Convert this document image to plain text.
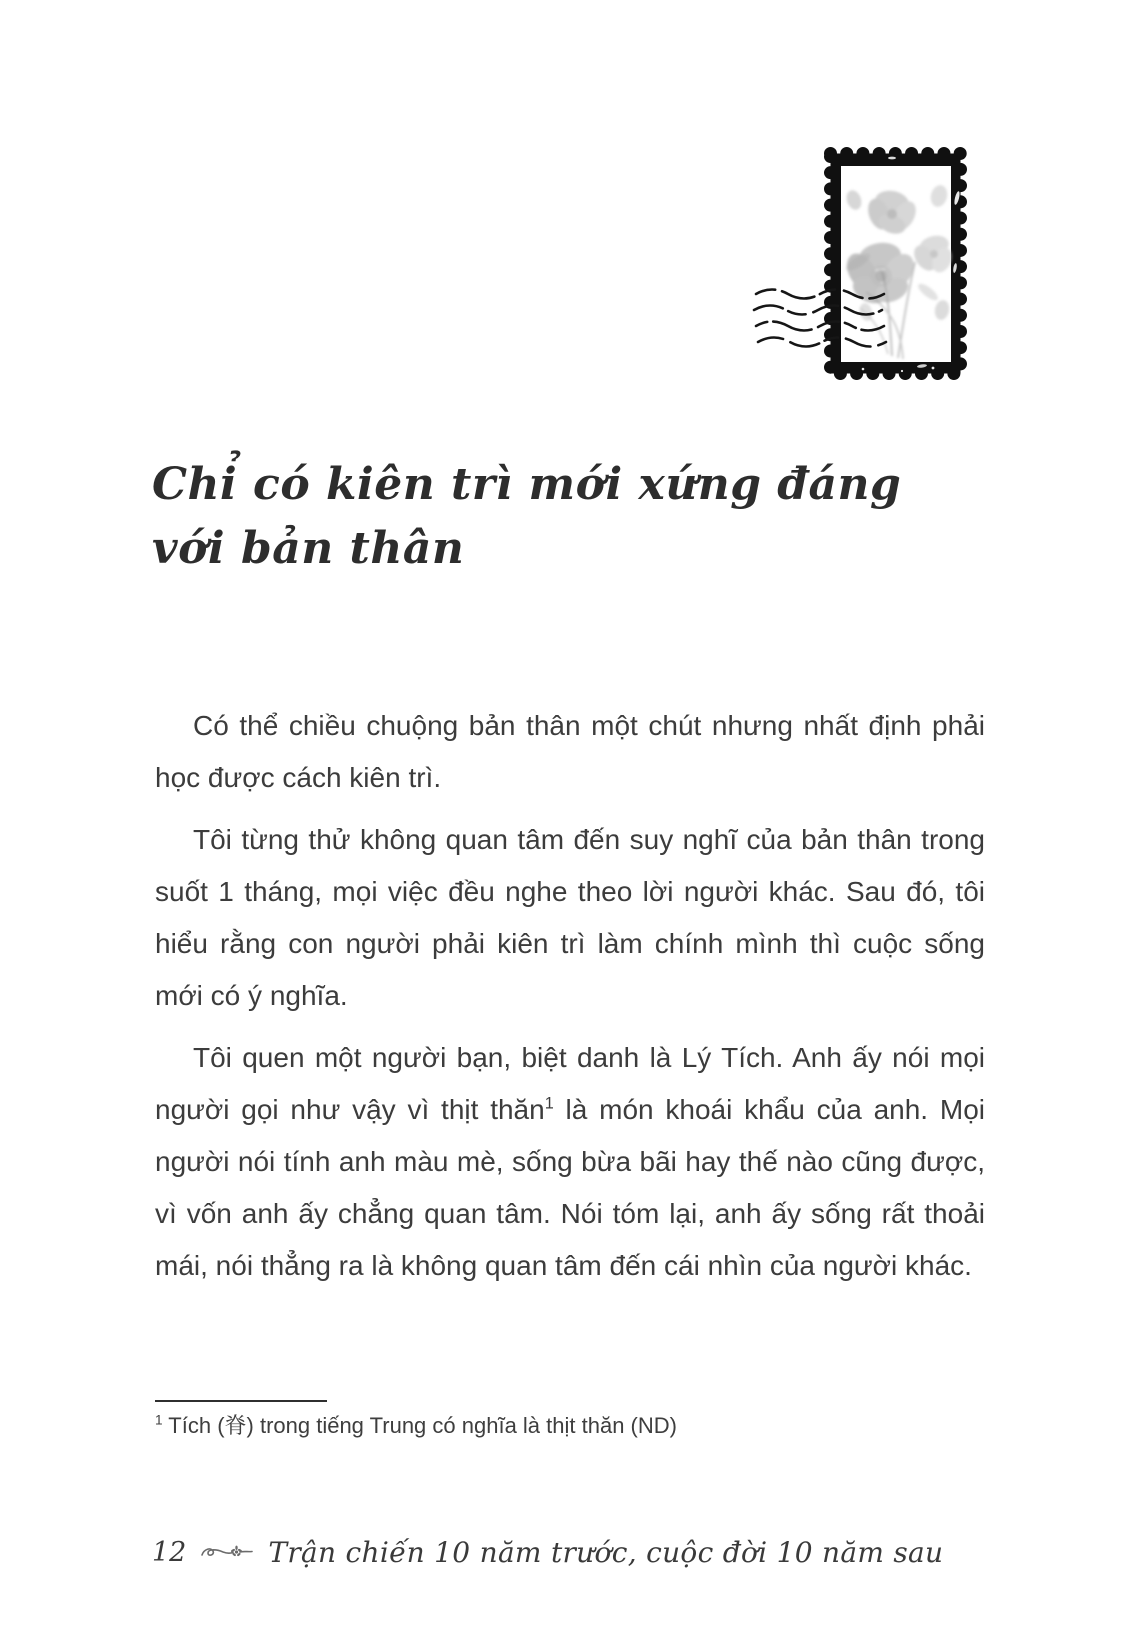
Chỉ có kiên trì mới xứng đáng
với bản thân

Có thể chiều chuộng bản thân một chút nhưng nhất định phải học được cách kiên trì.

Tôi từng thử không quan tâm đến suy nghĩ của bản thân trong suốt 1 tháng, mọi việc đều nghe theo lời người khác. Sau đó, tôi hiểu rằng con người phải kiên trì làm chính mình thì cuộc sống mới có ý nghĩa.

Tôi quen một người bạn, biệt danh là Lý Tích. Anh ấy nói mọi người gọi như vậy vì thịt thăn$^1$ là món khoái khẩu của anh. Mọi người nói tính anh màu mè, sống bừa bãi hay thế nào cũng được, vì vốn anh ấy chẳng quan tâm. Nói tóm lại, anh ấy sống rất thoải mái, nói thẳng ra là không quan tâm đến cái nhìn của người khác.

$^1$ Tích (脊) trong tiếng Trung có nghĩa là thịt thăn (ND)

12	Trận chiến 10 năm trước, cuộc đời 10 năm sau
